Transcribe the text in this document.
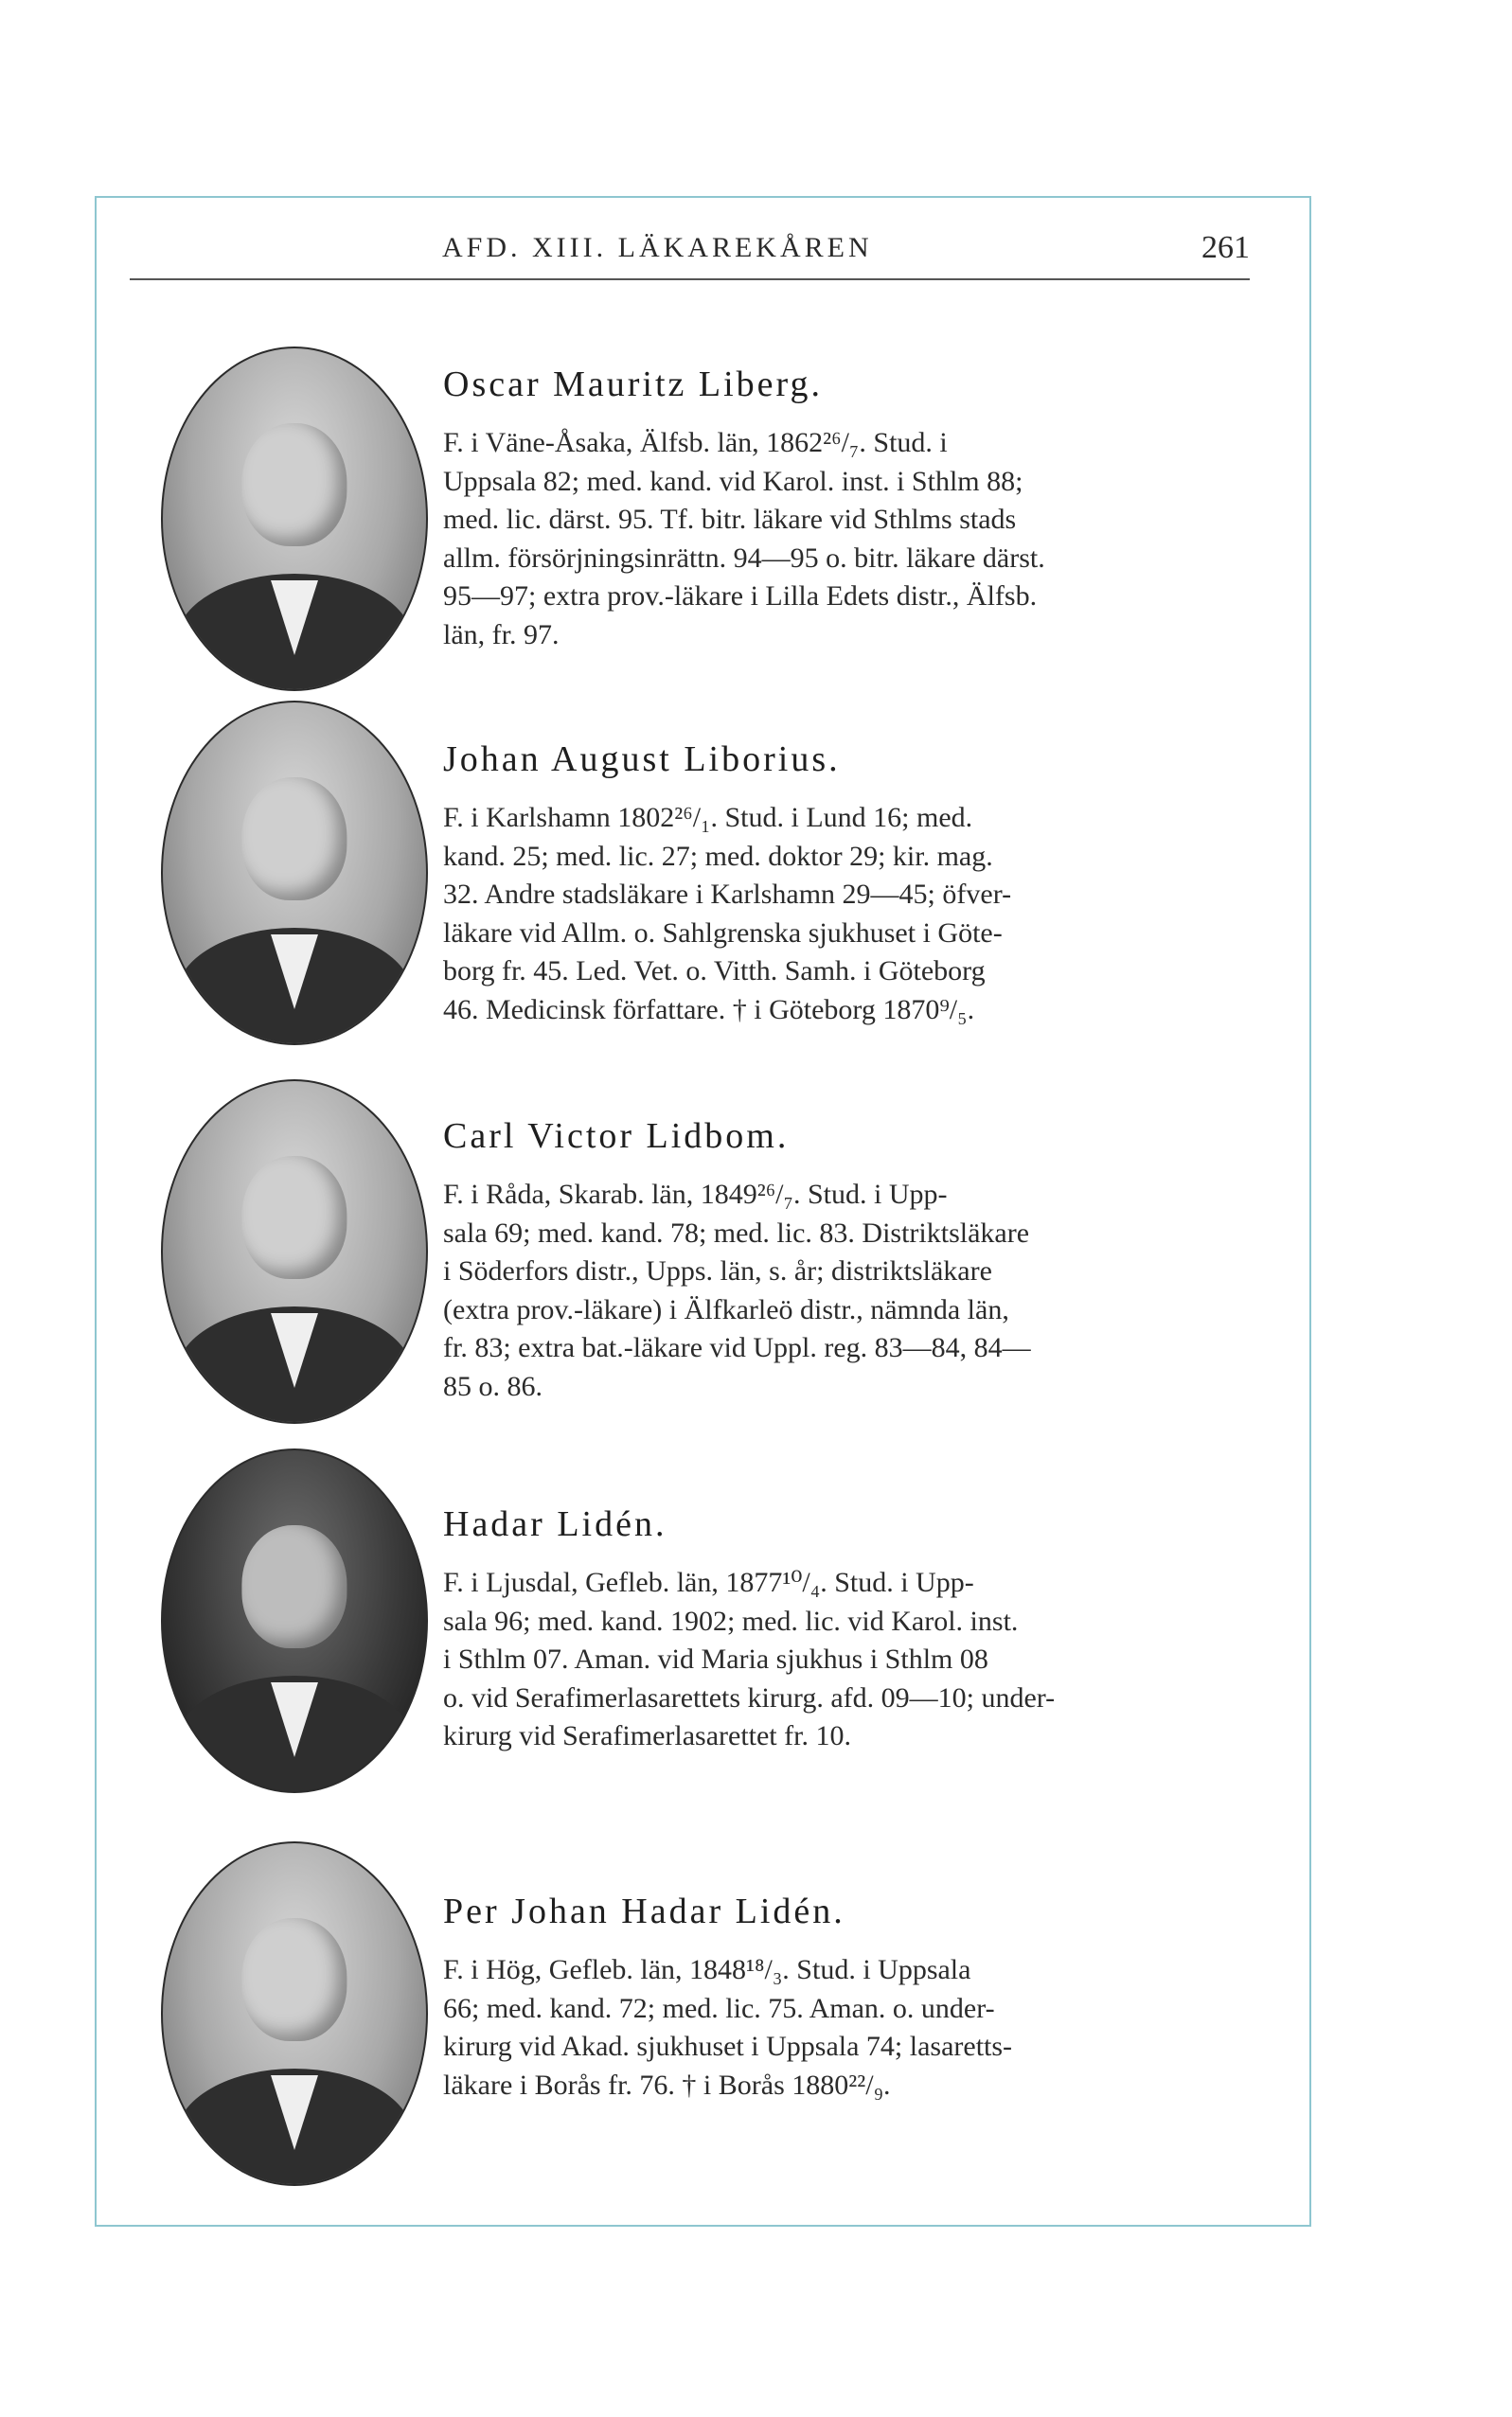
AFD. XIII. LÄKAREKÅREN	261
Oscar Mauritz Liberg.
F. i Väne-Åsaka, Älfsb. län, 1862²⁶/₇. Stud. i
Uppsala 82; med. kand. vid Karol. inst. i Sthlm 88;
med. lic. därst. 95. Tf. bitr. läkare vid Sthlms stads
allm. försörjningsinrättn. 94—95 o. bitr. läkare därst.
95—97; extra prov.-läkare i Lilla Edets distr., Älfsb.
län, fr. 97.
Johan August Liborius.
F. i Karlshamn 1802²⁶/₁. Stud. i Lund 16; med.
kand. 25; med. lic. 27; med. doktor 29; kir. mag.
32. Andre stadsläkare i Karlshamn 29—45; öfver-
läkare vid Allm. o. Sahlgrenska sjukhuset i Göte-
borg fr. 45. Led. Vet. o. Vitth. Samh. i Göteborg
46. Medicinsk författare. † i Göteborg 1870⁹/₅.
Carl Victor Lidbom.
F. i Råda, Skarab. län, 1849²⁶/₇. Stud. i Upp-
sala 69; med. kand. 78; med. lic. 83. Distriktsläkare
i Söderfors distr., Upps. län, s. år; distriktsläkare
(extra prov.-läkare) i Älfkarleö distr., nämnda län,
fr. 83; extra bat.-läkare vid Uppl. reg. 83—84, 84—
85 o. 86.
Hadar Lidén.
F. i Ljusdal, Gefleb. län, 1877¹⁰/₄. Stud. i Upp-
sala 96; med. kand. 1902; med. lic. vid Karol. inst.
i Sthlm 07. Aman. vid Maria sjukhus i Sthlm 08
o. vid Serafimerlasarettets kirurg. afd. 09—10; under-
kirurg vid Serafimerlasarettet fr. 10.
Per Johan Hadar Lidén.
F. i Hög, Gefleb. län, 1848¹⁸/₃. Stud. i Uppsala
66; med. kand. 72; med. lic. 75. Aman. o. under-
kirurg vid Akad. sjukhuset i Uppsala 74; lasaretts-
läkare i Borås fr. 76. † i Borås 1880²²/₉.
